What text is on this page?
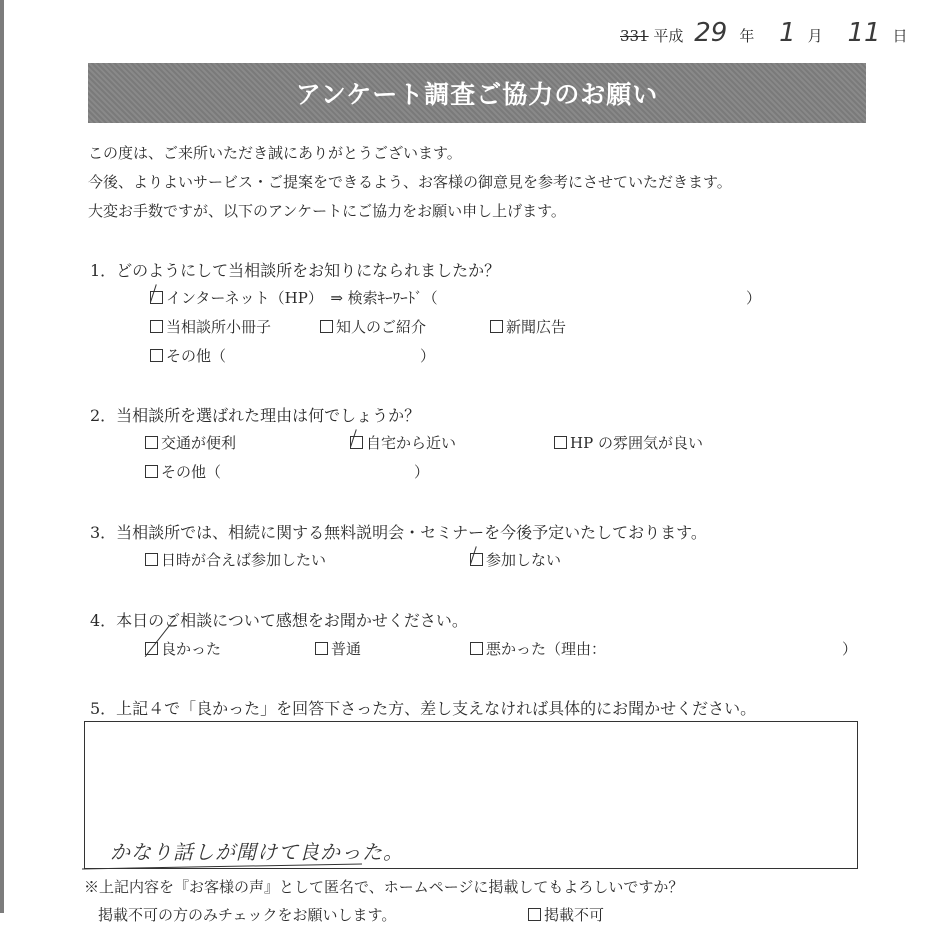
331 平成 29 年 1 月 11 日
アンケート調査ご協力のお願い
この度は、ご来所いただき誠にありがとうございます。
今後、よりよいサービス・ご提案をできるよう、お客様の御意見を参考にさせていただきます。
大変お手数ですが、以下のアンケートにご協力をお願い申し上げます。
1．どのようにして当相談所をお知りになられましたか？
インターネット（HP）　⇒ 検索ｷｰﾜｰﾄﾞ（	）
当相談所小冊子	知人のご紹介	新聞広告
その他（	）
2．当相談所を選ばれた理由は何でしょうか？
交通が便利	自宅から近い	HP の雰囲気が良い
その他（	）
3．当相談所では、相続に関する無料説明会・セミナーを今後予定いたしております。
日時が合えば参加したい	参加しない
4．本日のご相談について感想をお聞かせください。
良かった	普通	悪かった（理由：	）
5．上記４で「良かった」を回答下さった方、差し支えなければ具体的にお聞かせください。
かなり話しが聞けて良かった。
※上記内容を『お客様の声』として匿名で、ホームページに掲載してもよろしいですか？
掲載不可の方のみチェックをお願いします。	掲載不可
